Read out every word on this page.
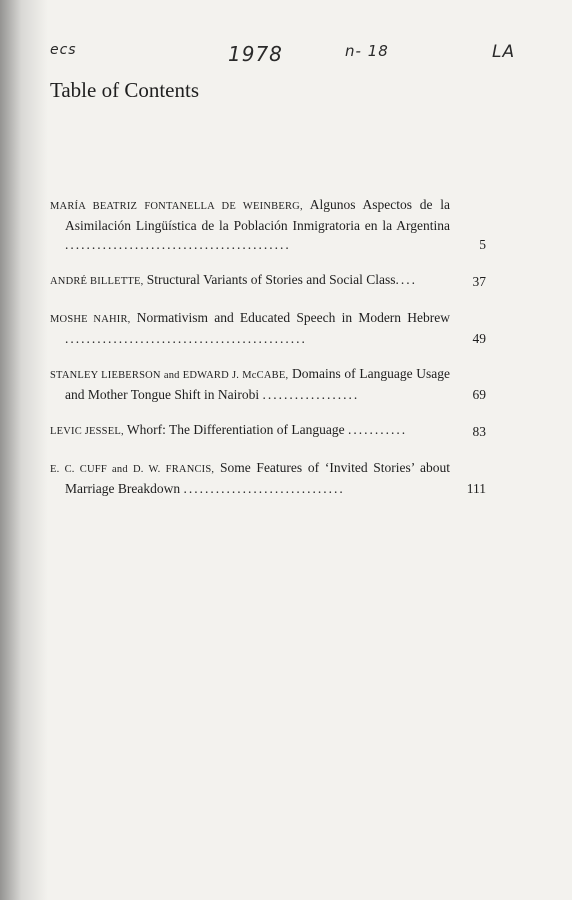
ecs	1978	n- 18	LA
Table of Contents
MARÍA BEATRIZ FONTANELLA DE WEINBERG, Algunos Aspectos de la Asimilación Lingüística de la Población Inmigratoria en la Argentina ..........................................	5
ANDRÉ BILLETTE, Structural Variants of Stories and Social Class....	37
MOSHE NAHIR, Normativism and Educated Speech in Modern Hebrew .............................................	49
STANLEY LIEBERSON and EDWARD J. McCABE, Domains of Language Usage and Mother Tongue Shift in Nairobi ..................	69
LEVIC JESSEL, Whorf: The Differentiation of Language ...........	83
E. C. CUFF and D. W. FRANCIS, Some Features of ‘Invited Stories’ about Marriage Breakdown ..............................	111
